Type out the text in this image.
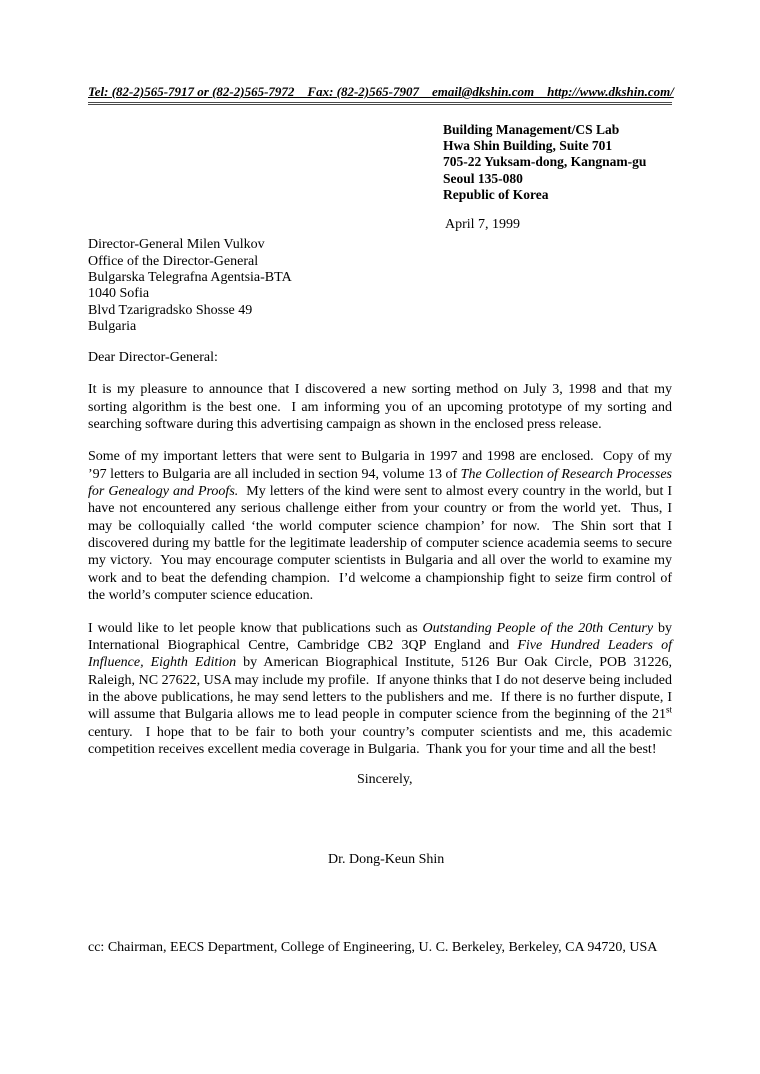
Tel: (82-2)565-7917 or (82-2)565-7972    Fax: (82-2)565-7907    email@dkshin.com    http://www.dkshin.com/
Building Management/CS Lab
Hwa Shin Building, Suite 701
705-22 Yuksam-dong, Kangnam-gu
Seoul 135-080
Republic of Korea
April 7, 1999
Director-General Milen Vulkov
Office of the Director-General
Bulgarska Telegrafna Agentsia-BTA
1040 Sofia
Blvd Tzarigradsko Shosse 49
Bulgaria
Dear Director-General:

It is my pleasure to announce that I discovered a new sorting method on July 3, 1998 and that my sorting algorithm is the best one.  I am informing you of an upcoming prototype of my sorting and searching software during this advertising campaign as shown in the enclosed press release.

Some of my important letters that were sent to Bulgaria in 1997 and 1998 are enclosed.  Copy of my ’97 letters to Bulgaria are all included in section 94, volume 13 of The Collection of Research Processes for Genealogy and Proofs.  My letters of the kind were sent to almost every country in the world, but I have not encountered any serious challenge either from your country or from the world yet.  Thus, I may be colloquially called ‘the world computer science champion’ for now.  The Shin sort that I discovered during my battle for the legitimate leadership of computer science academia seems to secure my victory.  You may encourage computer scientists in Bulgaria and all over the world to examine my work and to beat the defending champion.  I’d welcome a championship fight to seize firm control of the world’s computer science education.

I would like to let people know that publications such as Outstanding People of the 20th Century by International Biographical Centre, Cambridge CB2 3QP England and Five Hundred Leaders of Influence, Eighth Edition by American Biographical Institute, 5126 Bur Oak Circle, POB 31226, Raleigh, NC 27622, USA may include my profile.  If anyone thinks that I do not deserve being included in the above publications, he may send letters to the publishers and me.  If there is no further dispute, I will assume that Bulgaria allows me to lead people in computer science from the beginning of the 21st century.  I hope that to be fair to both your country’s computer scientists and me, this academic competition receives excellent media coverage in Bulgaria.  Thank you for your time and all the best!

Sincerely,
Dr. Dong-Keun Shin
cc: Chairman, EECS Department, College of Engineering, U. C. Berkeley, Berkeley, CA 94720, USA
